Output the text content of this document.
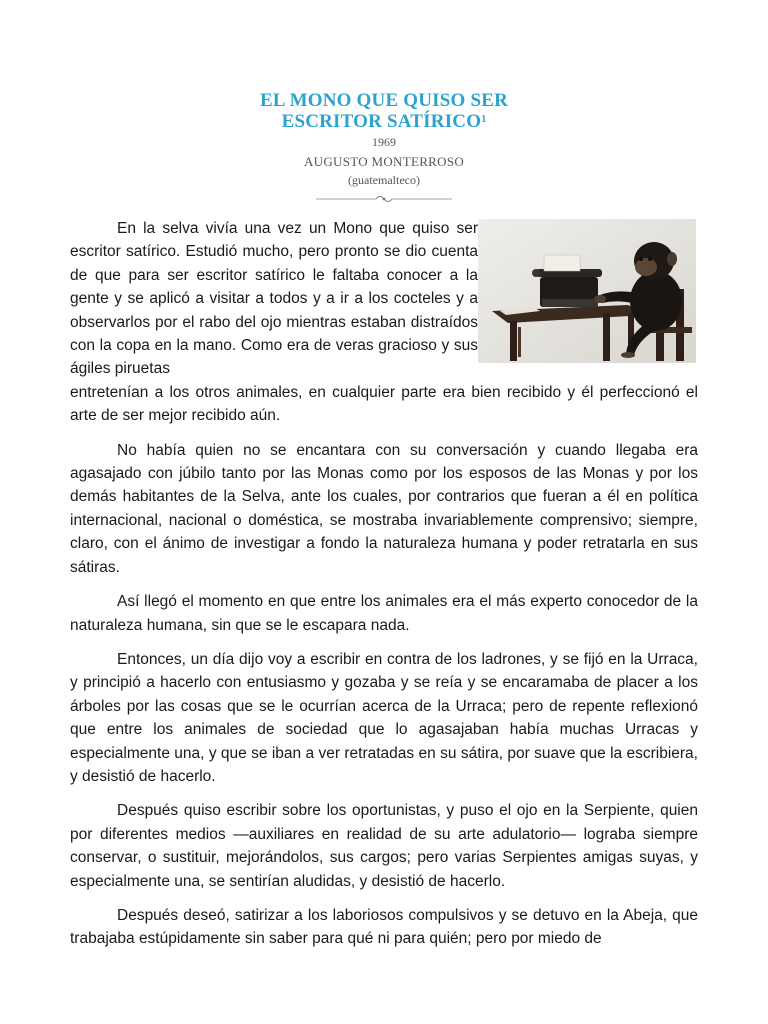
EL MONO QUE QUISO SER
ESCRITOR SATÍRICO$^1$
1969
AUGUSTO MONTERROSO
(guatemalteco)

En la selva vivía una vez un Mono que quiso ser escritor satírico. Estudió mucho, pero pronto se dio cuenta de que para ser escritor satírico le faltaba conocer a la gente y se aplicó a visitar a todos y a ir a los cocteles y a observarlos por el rabo del ojo mientras estaban distraídos con la copa en la mano. Como era de veras gracioso y sus ágiles piruetas

entretenían a los otros animales, en cualquier parte era bien recibido y él perfeccionó el arte de ser mejor recibido aún.

No había quien no se encantara con su conversación y cuando llegaba era agasajado con júbilo tanto por las Monas como por los esposos de las Monas y por los demás habitantes de la Selva, ante los cuales, por contrarios que fueran a él en política internacional, nacional o doméstica, se mostraba invariablemente comprensivo; siempre, claro, con el ánimo de investigar a fondo la naturaleza humana y poder retratarla en sus sátiras.

Así llegó el momento en que entre los animales era el más experto conocedor de la naturaleza humana, sin que se le escapara nada.

Entonces, un día dijo voy a escribir en contra de los ladrones, y se fijó en la Urraca, y principió a hacerlo con entusiasmo y gozaba y se reía y se encaramaba de placer a los árboles por las cosas que se le ocurrían acerca de la Urraca; pero de repente reflexionó que entre los animales de sociedad que lo agasajaban había muchas Urracas y especialmente una, y que se iban a ver retratadas en su sátira, por suave que la escribiera, y desistió de hacerlo.

Después quiso escribir sobre los oportunistas, y puso el ojo en la Serpiente, quien por diferentes medios —auxiliares en realidad de su arte adulatorio— lograba siempre conservar, o sustituir, mejorándolos, sus cargos; pero varias Serpientes amigas suyas, y especialmente una, se sentirían aludidas, y desistió de hacerlo.

Después deseó, satirizar a los laboriosos compulsivos y se detuvo en la Abeja, que trabajaba estúpidamente sin saber para qué ni para quién; pero por miedo de
